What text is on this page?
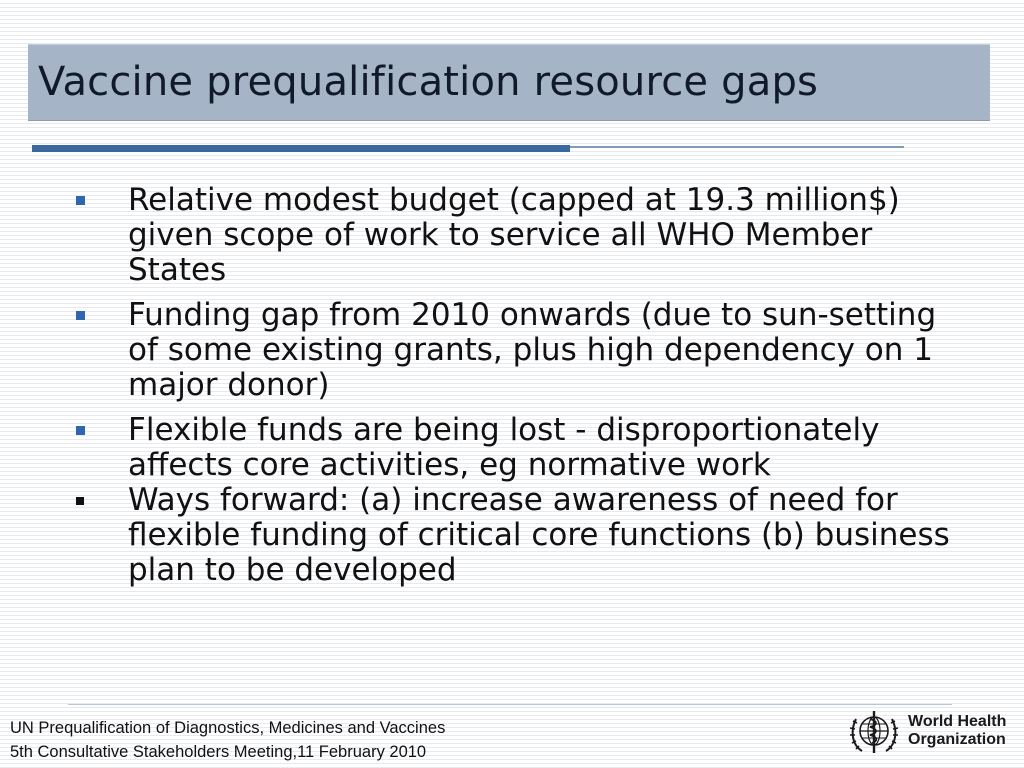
Vaccine prequalification resource gaps
Relative modest budget (capped at 19.3 million$) given scope of work to service all WHO Member States
Funding gap from 2010 onwards (due to sun-setting of some existing grants, plus high dependency on 1 major donor)
Flexible funds are being lost - disproportionately affects core activities, eg normative work
Ways forward: (a) increase awareness of need for flexible funding of critical core functions (b) business plan to be developed
UN Prequalification of Diagnostics, Medicines and Vaccines
5th Consultative Stakeholders Meeting,11 February 2010
World Health
Organization
